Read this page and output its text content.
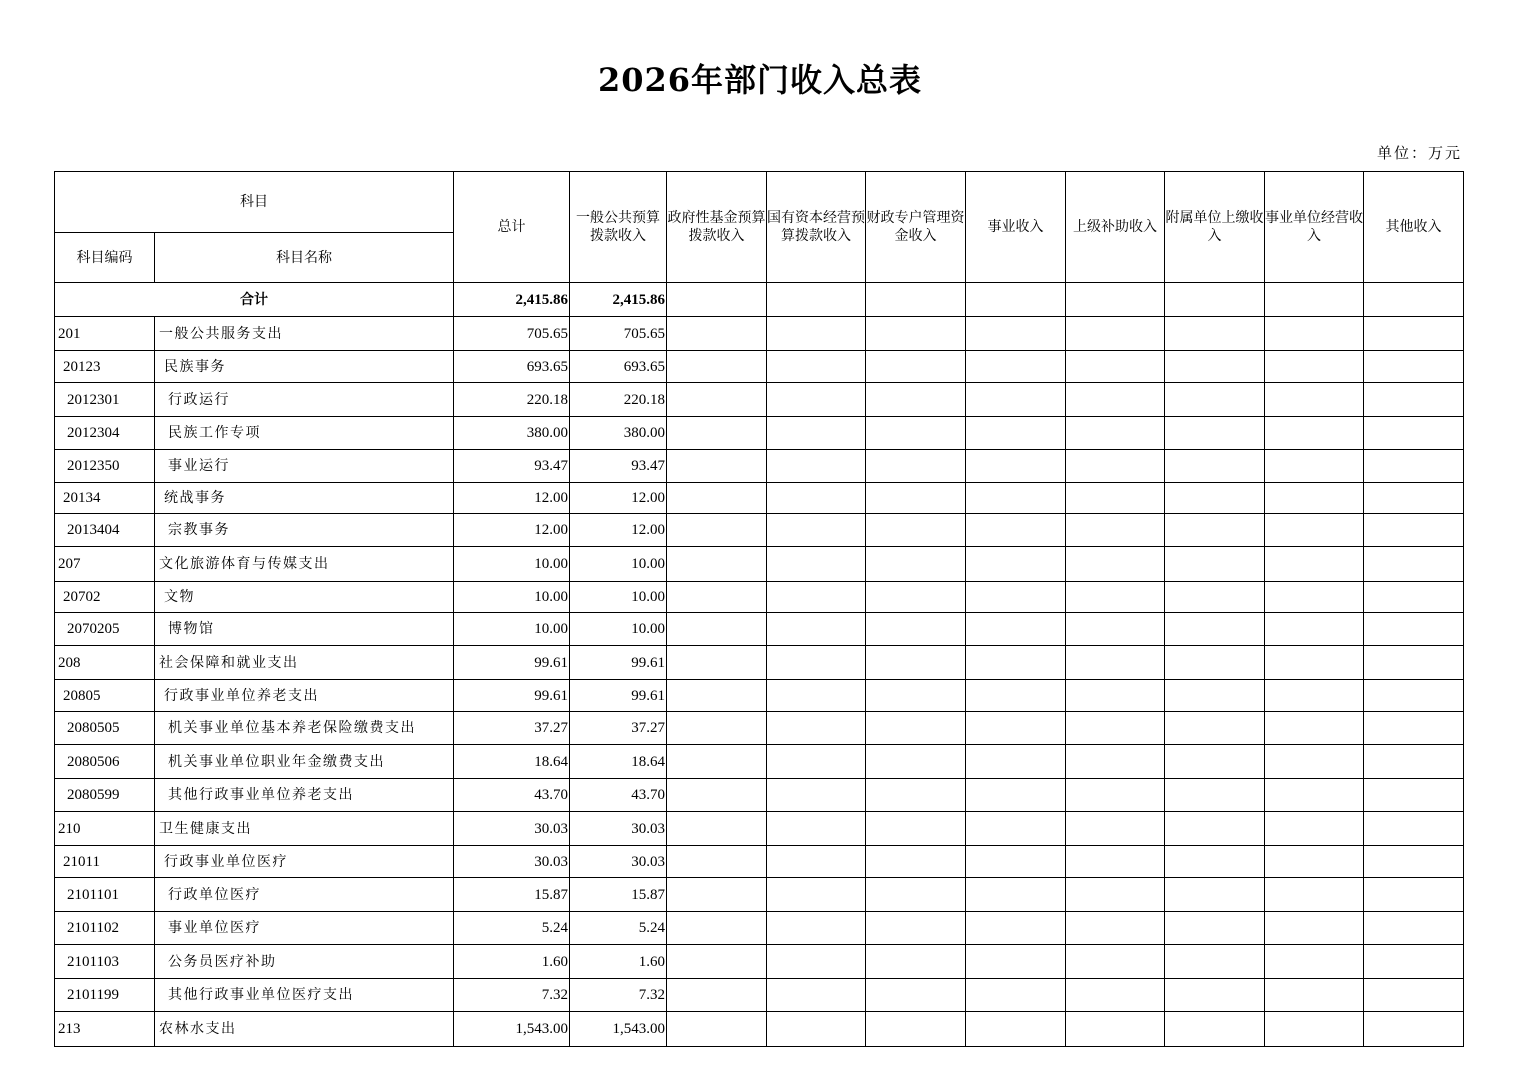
2026年部门收入总表
单位：万元
科目		总计	一般公共预算拨款收入	政府性基金预算拨款收入	国有资本经营预算拨款收入	财政专户管理资金收入	事业收入	上级补助收入	附属单位上缴收入	事业单位经营收入	其他收入
科目编码	科目名称										
合计		2,415.86	2,415.86								
201	一般公共服务支出	705.65	705.65								
20123	民族事务	693.65	693.65								
2012301	行政运行	220.18	220.18								
2012304	民族工作专项	380.00	380.00								
2012350	事业运行	93.47	93.47								
20134	统战事务	12.00	12.00								
2013404	宗教事务	12.00	12.00								
207	文化旅游体育与传媒支出	10.00	10.00								
20702	文物	10.00	10.00								
2070205	博物馆	10.00	10.00								
208	社会保障和就业支出	99.61	99.61								
20805	行政事业单位养老支出	99.61	99.61								
2080505	机关事业单位基本养老保险缴费支出	37.27	37.27								
2080506	机关事业单位职业年金缴费支出	18.64	18.64								
2080599	其他行政事业单位养老支出	43.70	43.70								
210	卫生健康支出	30.03	30.03								
21011	行政事业单位医疗	30.03	30.03								
2101101	行政单位医疗	15.87	15.87								
2101102	事业单位医疗	5.24	5.24								
2101103	公务员医疗补助	1.60	1.60								
2101199	其他行政事业单位医疗支出	7.32	7.32								
213	农林水支出	1,543.00	1,543.00								
